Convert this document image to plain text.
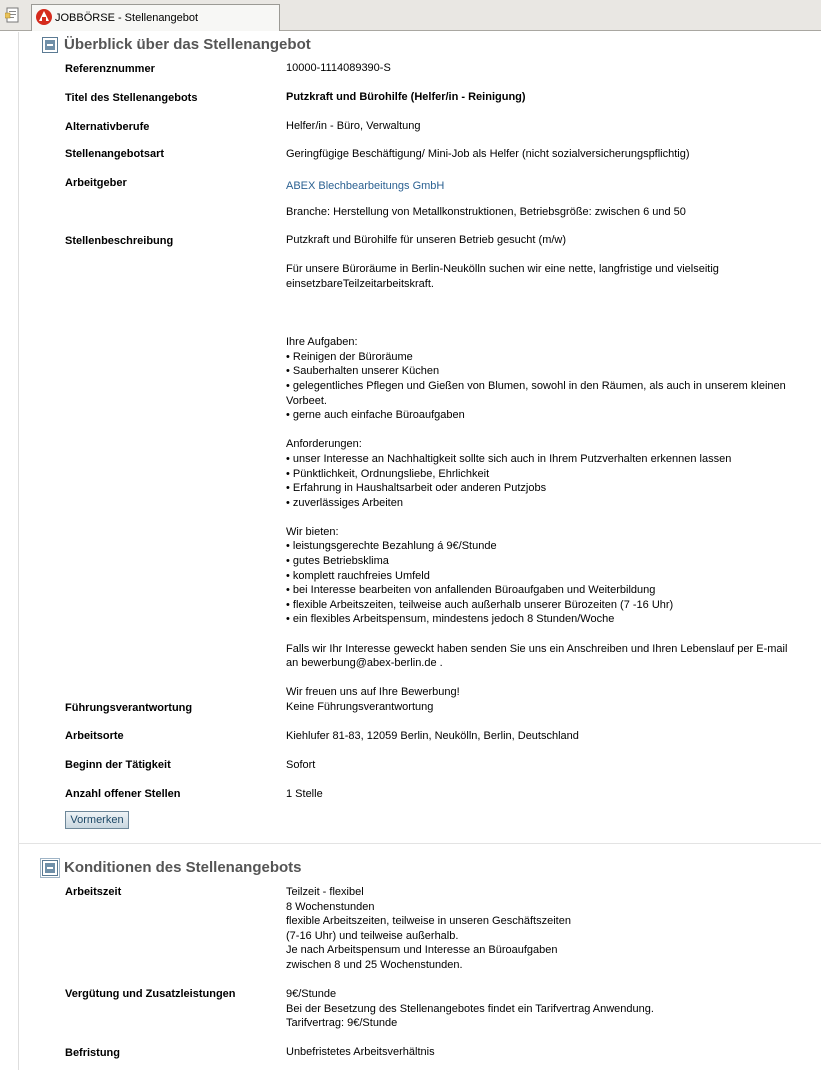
JOBBÖRSE - Stellenangebot
Überblick über das Stellenangebot
Referenznummer	10000-1114089390-S
Titel des Stellenangebots	Putzkraft und Bürohilfe (Helfer/in - Reinigung)
Alternativberufe	Helfer/in - Büro, Verwaltung
Stellenangebotsart	Geringfügige Beschäftigung/ Mini-Job als Helfer (nicht sozialversicherungspflichtig)
Arbeitgeber	ABEX Blechbearbeitungs GmbH
Branche: Herstellung von Metallkonstruktionen, Betriebsgröße: zwischen 6 und 50
Stellenbeschreibung	Putzkraft und Bürohilfe für unseren Betrieb gesucht (m/w)

Für unsere Büroräume in Berlin-Neukölln suchen wir eine nette, langfristige und vielseitig

einsetzbareTeilzeitarbeitskraft.

Ihre Aufgaben:

• Reinigen der Büroräume

• Sauberhalten unserer Küchen

• gelegentliches Pflegen und Gießen von Blumen, sowohl in den Räumen, als auch in unserem kleinen

Vorbeet.

• gerne auch einfache Büroaufgaben

Anforderungen:

• unser Interesse an Nachhaltigkeit sollte sich auch in Ihrem Putzverhalten erkennen lassen

• Pünktlichkeit, Ordnungsliebe, Ehrlichkeit

• Erfahrung in Haushaltsarbeit oder anderen Putzjobs

• zuverlässiges Arbeiten

Wir bieten:

• leistungsgerechte Bezahlung á 9€/Stunde

• gutes Betriebsklima

• komplett rauchfreies Umfeld

• bei Interesse bearbeiten von anfallenden Büroaufgaben und Weiterbildung

• flexible Arbeitszeiten, teilweise auch außerhalb unserer Bürozeiten (7 -16 Uhr)

• ein flexibles Arbeitspensum, mindestens jedoch 8 Stunden/Woche

Falls wir Ihr Interesse geweckt haben senden Sie uns ein Anschreiben und Ihren Lebenslauf per E-mail

an bewerbung@abex-berlin.de .

Wir freuen uns auf Ihre Bewerbung!

Führungsverantwortung	Keine Führungsverantwortung
Arbeitsorte	Kiehlufer 81-83, 12059 Berlin, Neukölln, Berlin, Deutschland
Beginn der Tätigkeit	Sofort
Anzahl offener Stellen	1 Stelle
Vormerken
Konditionen des Stellenangebots
Arbeitszeit	Teilzeit - flexibel

8 Wochenstunden

flexible Arbeitszeiten, teilweise in unseren Geschäftszeiten

(7-16 Uhr) und teilweise außerhalb.

Je nach Arbeitspensum und Interesse an Büroaufgaben

zwischen 8 und 25 Wochenstunden.

Vergütung und Zusatzleistungen	9€/Stunde

Bei der Besetzung des Stellenangebotes findet ein Tarifvertrag Anwendung.

Tarifvertrag: 9€/Stunde

Befristung	Unbefristetes Arbeitsverhältnis
